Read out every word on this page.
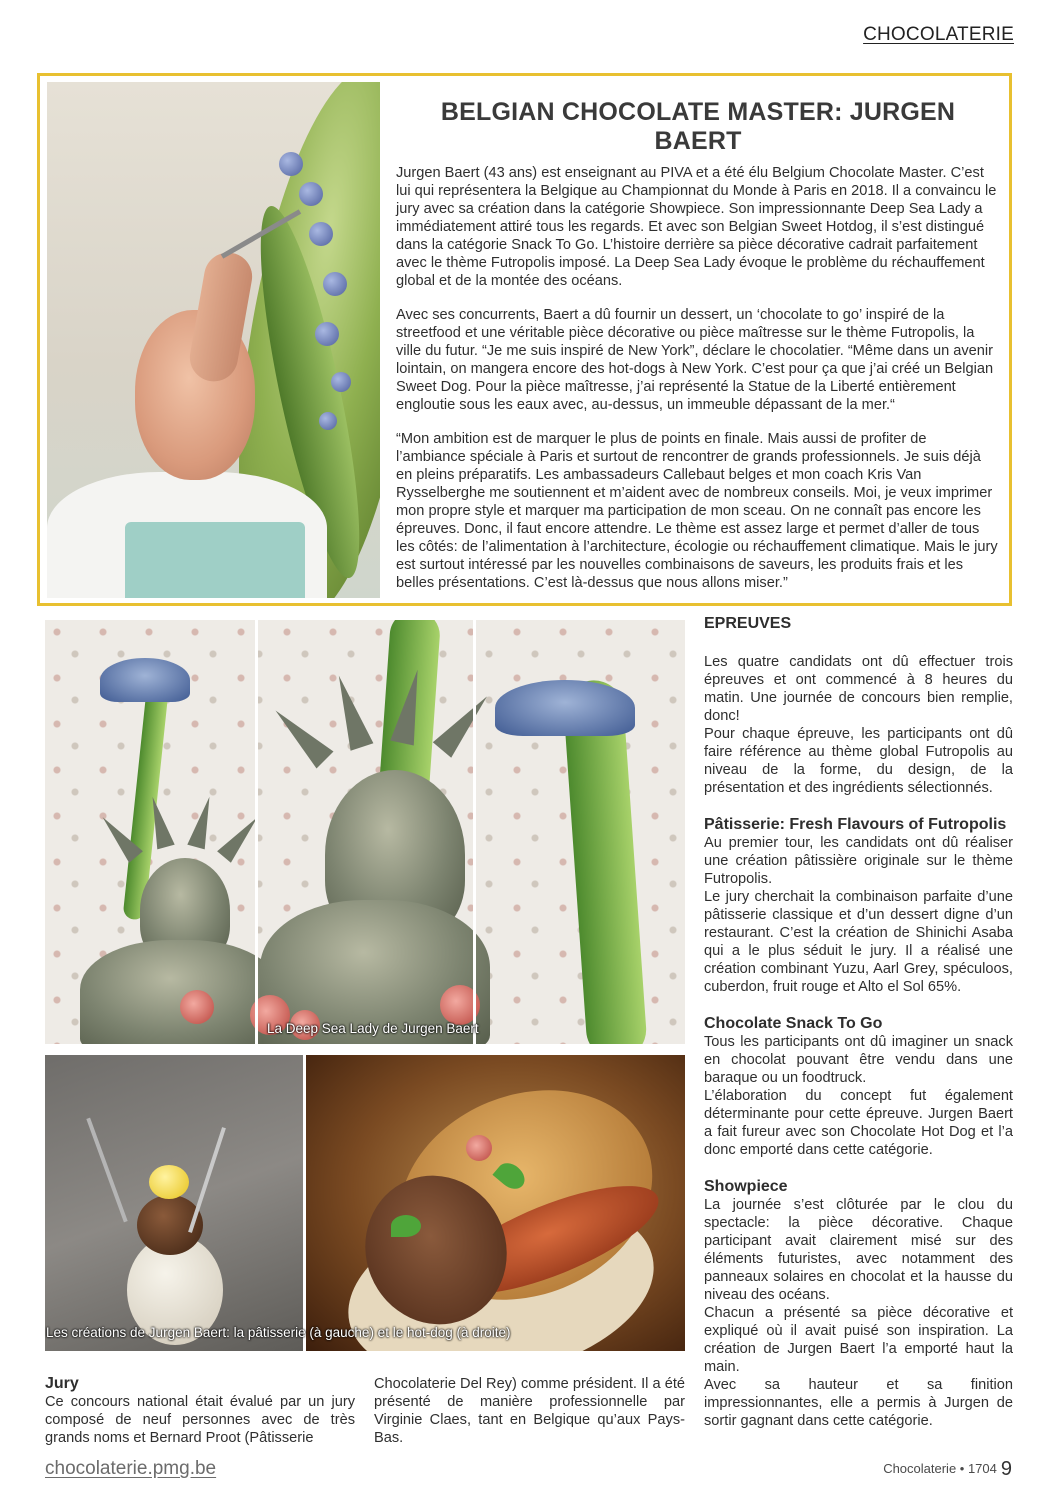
CHOCOLATERIE
BELGIAN CHOCOLATE MASTER: JURGEN BAERT

Jurgen Baert (43 ans) est enseignant au PIVA et a été élu Belgium Chocolate Master. C’est lui qui représentera la Belgique au Championnat du Monde à Paris en 2018. Il a convaincu le jury avec sa création dans la catégorie Showpiece. Son impressionnante Deep Sea Lady a immédiatement attiré tous les regards. Et avec son Belgian Sweet Hotdog, il s’est distingué dans la catégorie Snack To Go. L’histoire derrière sa pièce décorative cadrait parfaitement avec le thème Futropolis imposé. La Deep Sea Lady évoque le problème du réchauffement global et de la montée des océans.

Avec ses concurrents, Baert a dû fournir un dessert, un ‘chocolate to go’ inspiré de la streetfood et une véritable pièce décorative ou pièce maîtresse sur le thème Futropolis, la ville du futur. “Je me suis inspiré de New York”, déclare le chocolatier. “Même dans un avenir lointain, on mangera encore des hot-dogs à New York. C’est pour ça que j’ai créé un Belgian Sweet Dog. Pour la pièce maîtresse, j’ai représenté la Statue de la Liberté entièrement engloutie sous les eaux avec, au-dessus, un immeuble dépassant de la mer.“

“Mon ambition est de marquer le plus de points en finale. Mais aussi de profiter de l’ambiance spéciale à Paris et surtout de rencontrer de grands professionnels. Je suis déjà en pleins préparatifs. Les ambassadeurs Callebaut belges et mon coach Kris Van Rysselberghe me soutiennent et m’aident avec de nombreux conseils. Moi, je veux imprimer mon propre style et marquer ma participation de mon sceau. On ne connaît pas encore les épreuves. Donc, il faut encore attendre. Le thème est assez large et permet d’aller de tous les côtés: de l’alimentation à l’architecture, écologie ou réchauffement climatique. Mais le jury est surtout intéressé par les nouvelles combinaisons de saveurs, les produits frais et les belles présentations. C’est là-dessus que nous allons miser.”

La Deep Sea Lady de Jurgen Baert
Les créations de Jurgen Baert: la pâtisserie (à gauche) et le hot-dog (à droite)
EPREUVES

Les quatre candidats ont dû effectuer trois épreuves et ont commencé à 8 heures du matin. Une journée de concours bien remplie, donc!

Pour chaque épreuve, les participants ont dû faire référence au thème global Futropolis au niveau de la forme, du design, de la présentation et des ingrédients sélectionnés.

Pâtisserie: Fresh Flavours of Futropolis

Au premier tour, les candidats ont dû réaliser une création pâtissière originale sur le thème Futropolis.

Le jury cherchait la combinaison parfaite d’une pâtisserie classique et d’un dessert digne d’un restaurant. C’est la création de Shinichi Asaba qui a le plus séduit le jury. Il a réalisé une création combinant Yuzu, Aarl Grey, spéculoos, cuberdon, fruit rouge et Alto el Sol 65%.

Chocolate Snack To Go

Tous les participants ont dû imaginer un snack en chocolat pouvant être vendu dans une baraque ou un foodtruck.

L’élaboration du concept fut également déterminante pour cette épreuve. Jurgen Baert a fait fureur avec son Chocolate Hot Dog et l’a donc emporté dans cette catégorie.

Showpiece

La journée s’est clôturée par le clou du spectacle: la pièce décorative. Chaque participant avait clairement misé sur des éléments futuristes, avec notamment des panneaux solaires en chocolat et la hausse du niveau des océans.

Chacun a présenté sa pièce décorative et expliqué où il avait puisé son inspiration. La création de Jurgen Baert l’a emporté haut la main.

Avec sa hauteur et sa finition impressionnantes, elle a permis à Jurgen de sortir gagnant dans cette catégorie.

Jury

Ce concours national était évalué par un jury composé de neuf personnes avec de très grands noms et Bernard Proot (Pâtisserie

Chocolaterie Del Rey) comme président. Il a été présenté de manière professionnelle par Virginie Claes, tant en Belgique qu’aux Pays-Bas.

chocolaterie.pmg.be	Chocolaterie • 1704 9
